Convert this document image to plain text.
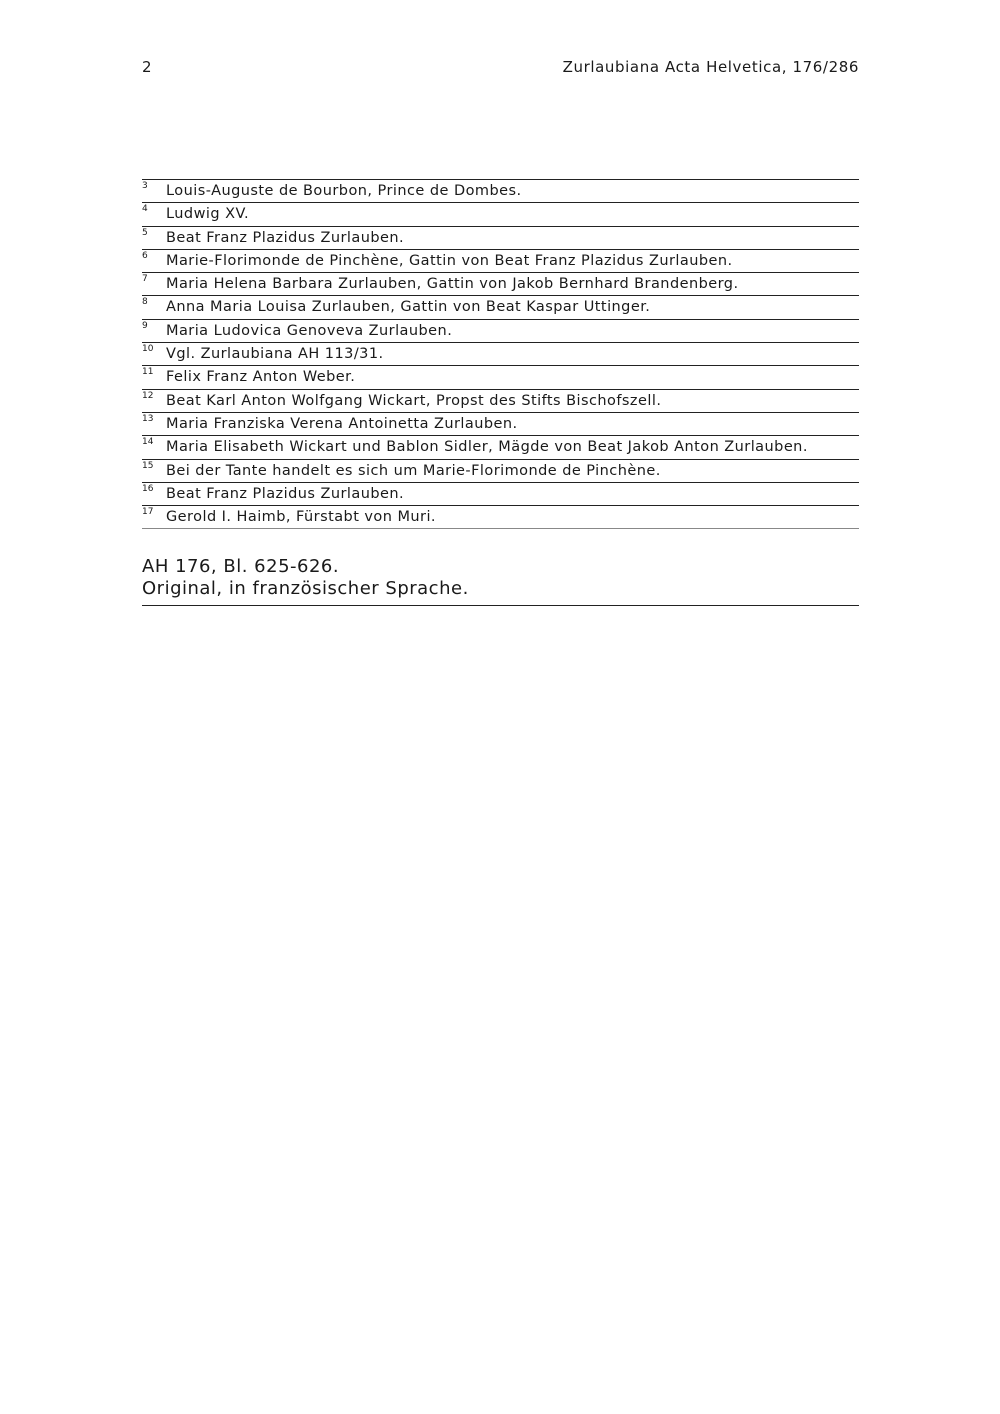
2	Zurlaubiana Acta Helvetica, 176/286
3 Louis-Auguste de Bourbon, Prince de Dombes.
4 Ludwig XV.
5 Beat Franz Plazidus Zurlauben.
6 Marie-Florimonde de Pinchène, Gattin von Beat Franz Plazidus Zurlauben.
7 Maria Helena Barbara Zurlauben, Gattin von Jakob Bernhard Brandenberg.
8 Anna Maria Louisa Zurlauben, Gattin von Beat Kaspar Uttinger.
9 Maria Ludovica Genoveva Zurlauben.
10 Vgl. Zurlaubiana AH 113/31.
11 Felix Franz Anton Weber.
12 Beat Karl Anton Wolfgang Wickart, Propst des Stifts Bischofszell.
13 Maria Franziska Verena Antoinetta Zurlauben.
14 Maria Elisabeth Wickart und Bablon Sidler, Mägde von Beat Jakob Anton Zurlauben.
15 Bei der Tante handelt es sich um Marie-Florimonde de Pinchène.
16 Beat Franz Plazidus Zurlauben.
17 Gerold I. Haimb, Fürstabt von Muri.
AH 176, Bl. 625-626.
Original, in französischer Sprache.
